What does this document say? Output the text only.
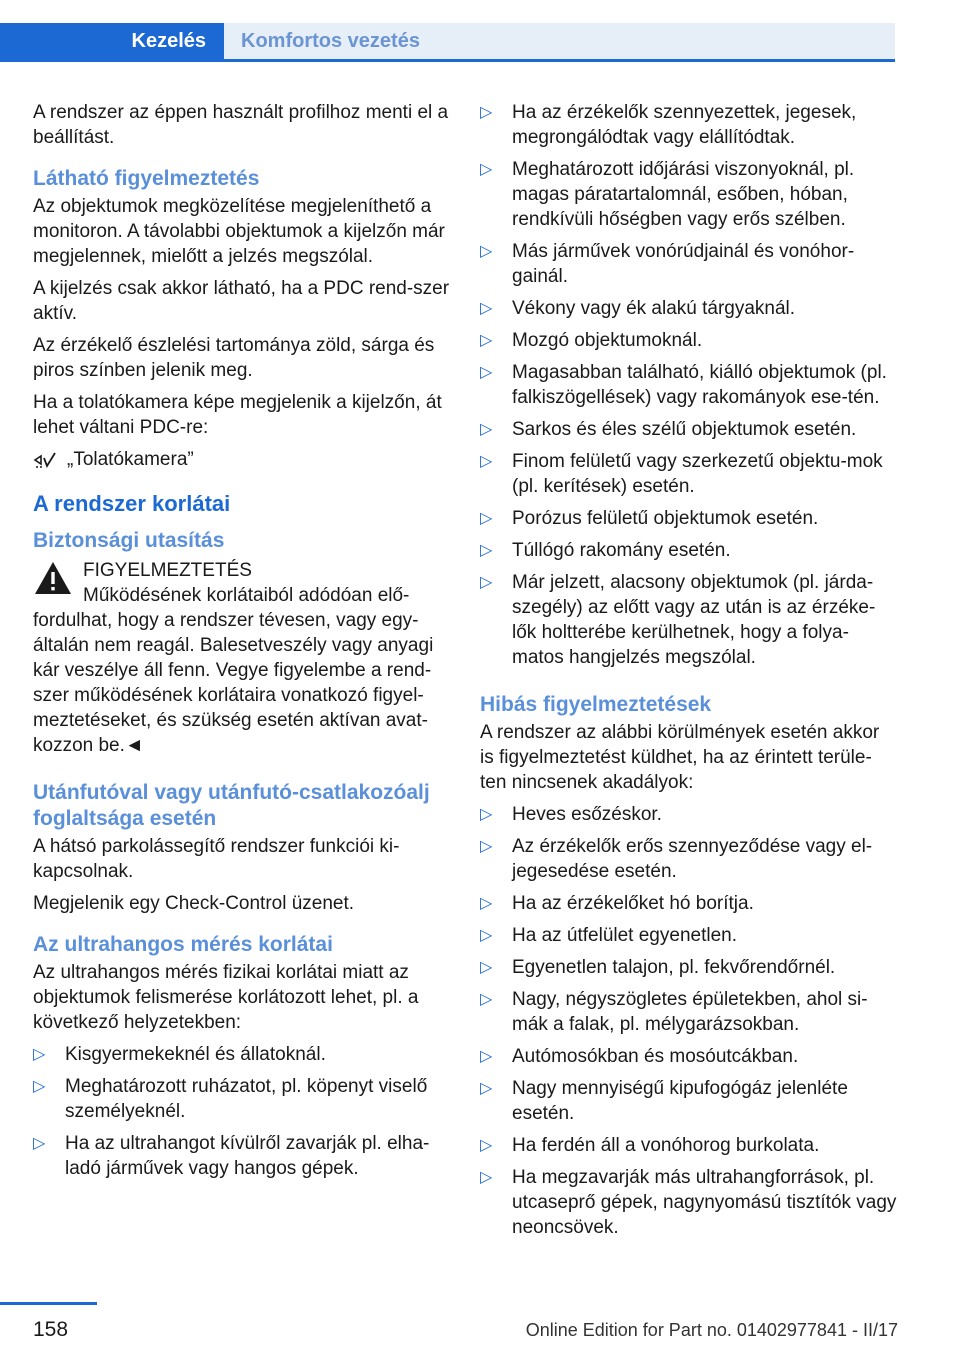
Kezelés	Komfortos vezetés

A rendszer az éppen használt profilhoz menti el a beállítást.

Látható figyelmeztetés

Az objektumok megközelítése megjeleníthető a monitoron. A távolabbi objektumok a kijelzőn már megjelennek, mielőtt a jelzés megszólal.

A kijelzés csak akkor látható, ha a PDC rend‐szer aktív.

Az érzékelő észlelési tartománya zöld, sárga és piros színben jelenik meg.

Ha a tolatókamera képe megjelenik a kijelzőn, át lehet váltani PDC-re:

„Tolatókamera”
A rendszer korlátai
Biztonsági utasítás
FIGYELMEZTETÉS

Működésének korlátaiból adódóan elő‐fordulhat, hogy a rendszer tévesen, vagy egy‐általán nem reagál. Balesetveszély vagy anyagi kár veszélye áll fenn. Vegye figyelembe a rend‐szer működésének korlátaira vonatkozó figyel‐meztetéseket, és szükség esetén aktívan avat‐kozzon be.◄

Utánfutóval vagy utánfutó‐csatlakozóalj foglaltsága esetén

A hátsó parkolássegítő rendszer funkciói ki‐kapcsolnak.

Megjelenik egy Check-Control üzenet.

Az ultrahangos mérés korlátai

Az ultrahangos mérés fizikai korlátai miatt az objektumok felismerése korlátozott lehet, pl. a következő helyzetekben:

▷ Kisgyermekeknél és állatoknál.
▷ Meghatározott ruházatot, pl. köpenyt viselő személyeknél.
▷ Ha az ultrahangot kívülről zavarják pl. elha‐ladó járművek vagy hangos gépek.
▷ Ha az érzékelők szennyezettek, jegesek, megrongálódtak vagy elállítódtak.
▷ Meghatározott időjárási viszonyoknál, pl. magas páratartalomnál, esőben, hóban, rendkívüli hőségben vagy erős szélben.
▷ Más járművek vonórúdjainál és vonóhor‐gainál.
▷ Vékony vagy ék alakú tárgyaknál.
▷ Mozgó objektumoknál.
▷ Magasabban található, kiálló objektumok (pl. falkiszögellések) vagy rakományok ese‐tén.
▷ Sarkos és éles szélű objektumok esetén.
▷ Finom felületű vagy szerkezetű objektu‐mok (pl. kerítések) esetén.
▷ Porózus felületű objektumok esetén.
▷ Túllógó rakomány esetén.
▷ Már jelzett, alacsony objektumok (pl. járda‐szegély) az előtt vagy az után is az érzéke‐lők holtterébe kerülhetnek, hogy a folya‐matos hangjelzés megszólal.
Hibás figyelmeztetések

A rendszer az alábbi körülmények esetén akkor is figyelmeztetést küldhet, ha az érintett terüle‐ten nincsenek akadályok:

▷ Heves esőzéskor.
▷ Az érzékelők erős szennyeződése vagy el‐jegesedése esetén.
▷ Ha az érzékelőket hó borítja.
▷ Ha az útfelület egyenetlen.
▷ Egyenetlen talajon, pl. fekvőrendőrnél.
▷ Nagy, négyszögletes épületekben, ahol si‐mák a falak, pl. mélygarázsokban.
▷ Autómosókban és mosóutcákban.
▷ Nagy mennyiségű kipufogógáz jelenléte esetén.
▷ Ha ferdén áll a vonóhorog burkolata.
▷ Ha megzavarják más ultrahangforrások, pl. utcaseprő gépek, nagynyomású tisztítók vagy neoncsövek.
158	Online Edition for Part no. 01402977841 - II/17
